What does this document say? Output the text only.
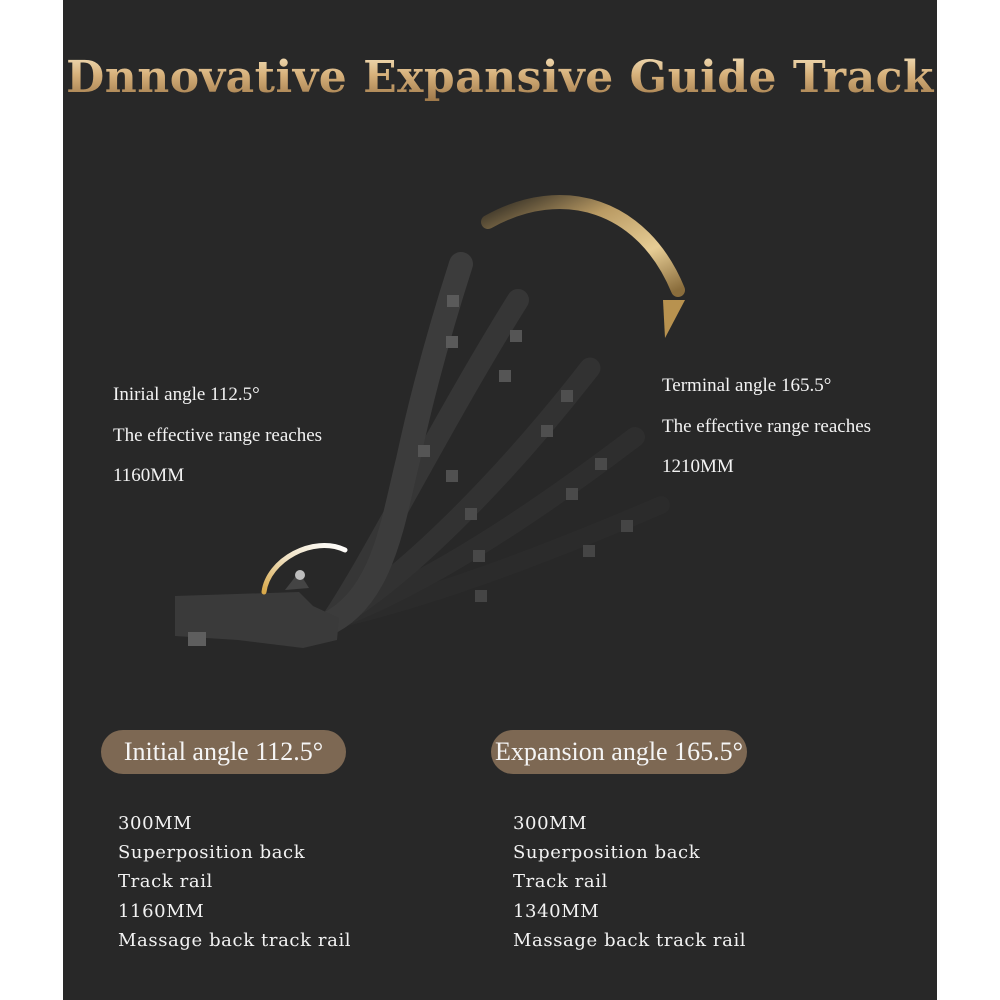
Dnnovative Expansive Guide Track
Inirial angle 112.5°
The effective range reaches
1160MM
Terminal angle 165.5°
The effective range reaches
1210MM
Initial angle 112.5°	Expansion angle 165.5°
300MM
Superposition back
Track rail
1160MM
Massage back track rail
300MM
Superposition back
Track rail
1340MM
Massage back track rail
